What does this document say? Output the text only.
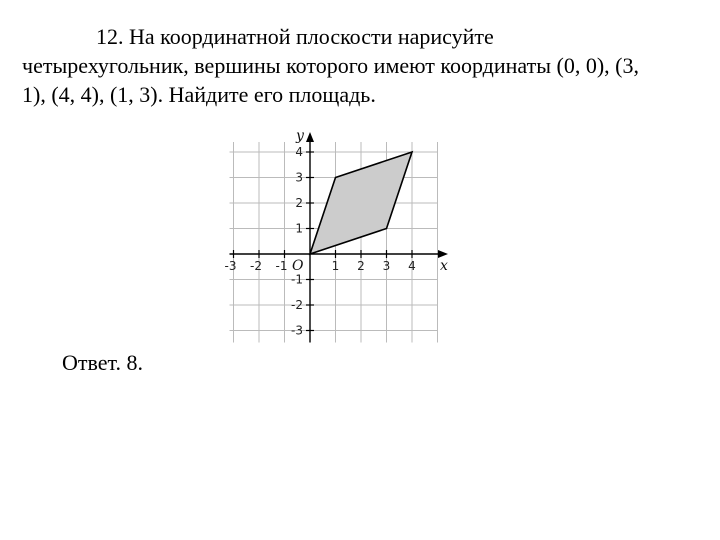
12. На координатной плоскости нарисуйте
четырехугольник, вершины которого имеют координаты (0, 0), (3,
1), (4, 4), (1, 3). Найдите его площадь.

-3 -2 -1	1 2 3 4
4
3
2
1
-1
-2
-3
x
y
O

Ответ. 8.
